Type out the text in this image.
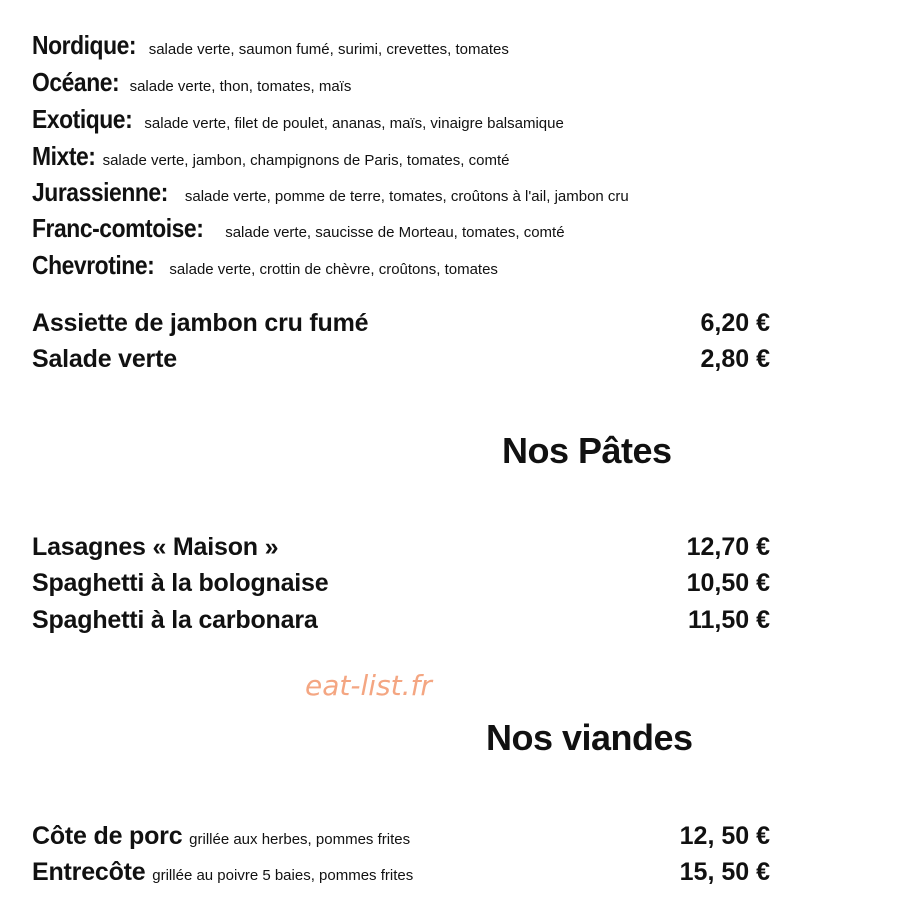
Nordique: salade verte, saumon fumé, surimi, crevettes, tomates
Océane: salade verte, thon, tomates, maïs
Exotique: salade verte, filet de poulet, ananas, maïs, vinaigre balsamique
Mixte: salade verte, jambon, champignons de Paris, tomates, comté
Jurassienne: salade verte, pomme de terre, tomates, croûtons à l'ail, jambon cru
Franc-comtoise: salade verte, saucisse de Morteau, tomates, comté
Chevrotine: salade verte, crottin de chèvre, croûtons, tomates
Assiette de jambon cru fumé	6,20 €
Salade verte	2,80 €
Nos Pâtes
Lasagnes « Maison »	12,70 €
Spaghetti à la bolognaise	10,50 €
Spaghetti à la carbonara	11,50 €
eat-list.fr
Nos viandes
Côte de porc grillée aux herbes, pommes frites	12, 50 €
Entrecôte grillée au poivre 5 baies, pommes frites	15, 50 €
